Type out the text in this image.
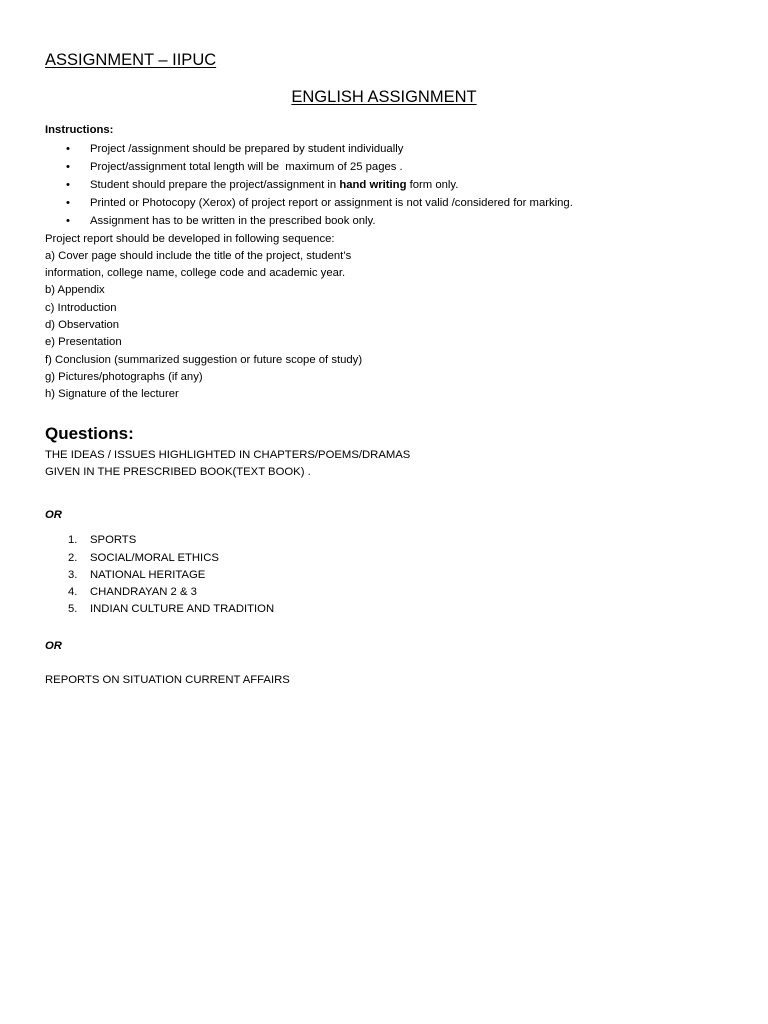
ASSIGNMENT – IIPUC
ENGLISH ASSIGNMENT
Instructions:
• Project /assignment should be prepared by student individually
• Project/assignment total length will be  maximum of 25 pages .
• Student should prepare the project/assignment in hand writing form only.
• Printed or Photocopy (Xerox) of project report or assignment is not valid /considered for marking.
• Assignment has to be written in the prescribed book only.
Project report should be developed in following sequence:
a) Cover page should include the title of the project, student’s
information, college name, college code and academic year.
b) Appendix
c) Introduction
d) Observation
e) Presentation
f) Conclusion (summarized suggestion or future scope of study)
g) Pictures/photographs (if any)
h) Signature of the lecturer
Questions:
THE IDEAS / ISSUES HIGHLIGHTED IN CHAPTERS/POEMS/DRAMAS
GIVEN IN THE PRESCRIBED BOOK(TEXT BOOK) .
OR
1. SPORTS
2. SOCIAL/MORAL ETHICS
3. NATIONAL HERITAGE
4. CHANDRAYAN 2 & 3
5. INDIAN CULTURE AND TRADITION
OR
REPORTS ON SITUATION CURRENT AFFAIRS
